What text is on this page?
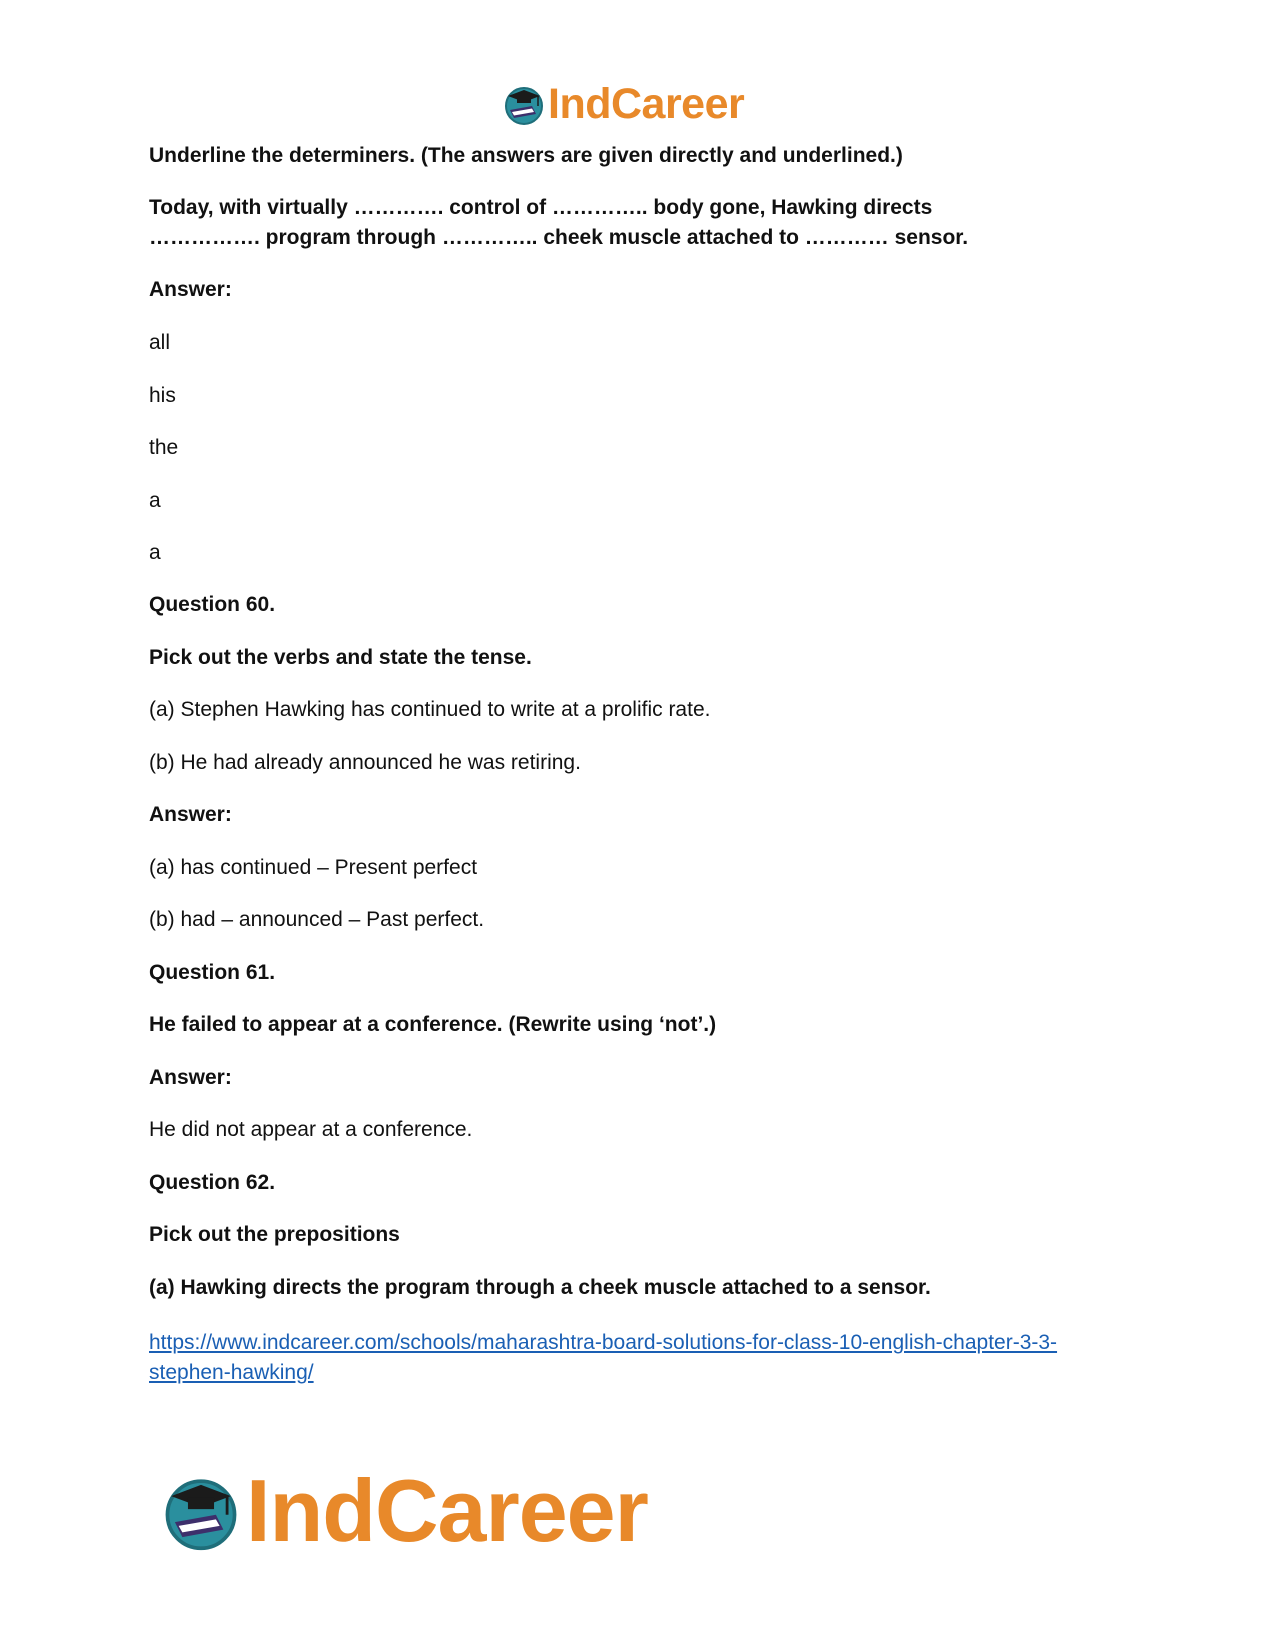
IndCareer
Underline the determiners. (The answers are given directly and underlined.)
Today, with virtually …………. control of ………….. body gone, Hawking directs
……………. program through ………….. cheek muscle attached to ………… sensor.
Answer:
all
his
the
a
a
Question 60.
Pick out the verbs and state the tense.
(a) Stephen Hawking has continued to write at a prolific rate.
(b) He had already announced he was retiring.
Answer:
(a) has continued – Present perfect
(b) had – announced – Past perfect.
Question 61.
He failed to appear at a conference. (Rewrite using ‘not’.)
Answer:
He did not appear at a conference.
Question 62.
Pick out the prepositions
(a) Hawking directs the program through a cheek muscle attached to a sensor.
https://www.indcareer.com/schools/maharashtra-board-solutions-for-class-10-english-chapter-3-3-stephen-hawking/
IndCareer
